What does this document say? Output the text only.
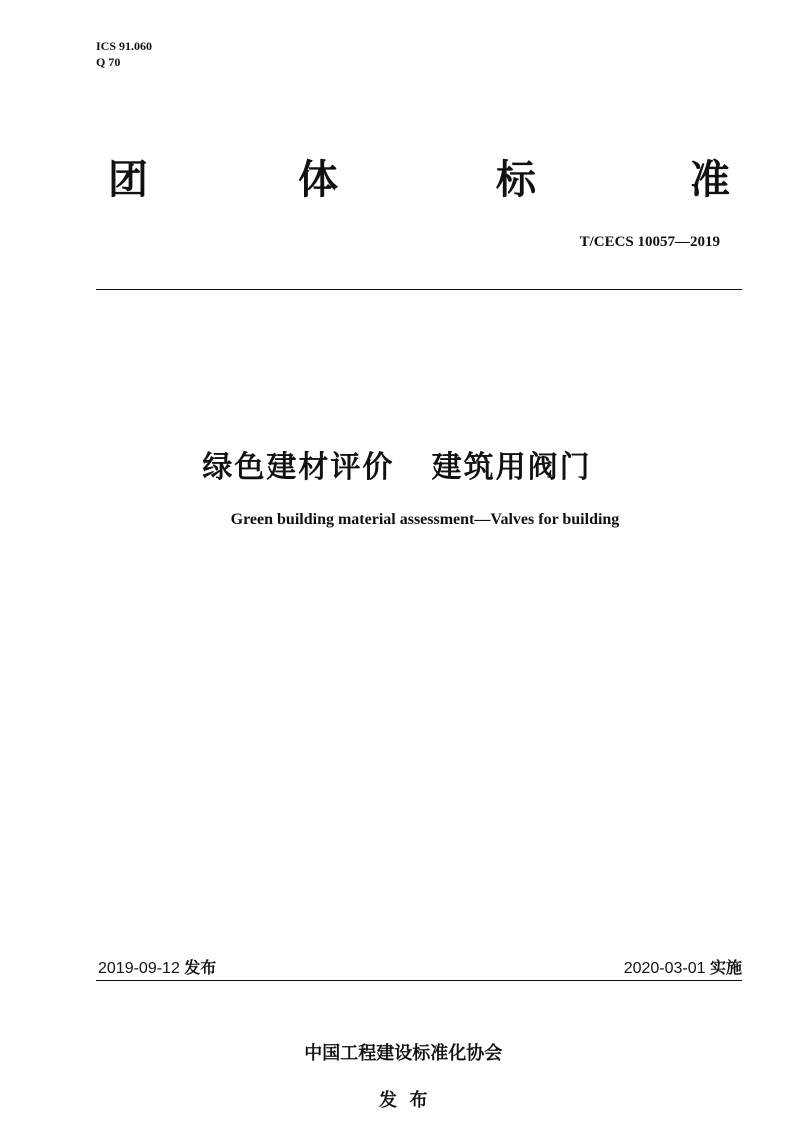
ICS 91.060
Q 70
团	体	标	准
T/CECS 10057—2019
绿色建材评价   建筑用阀门
Green building material assessment—Valves for building
2019-09-12 发布	2020-03-01 实施

中国工程建设标准化协会

发  布
